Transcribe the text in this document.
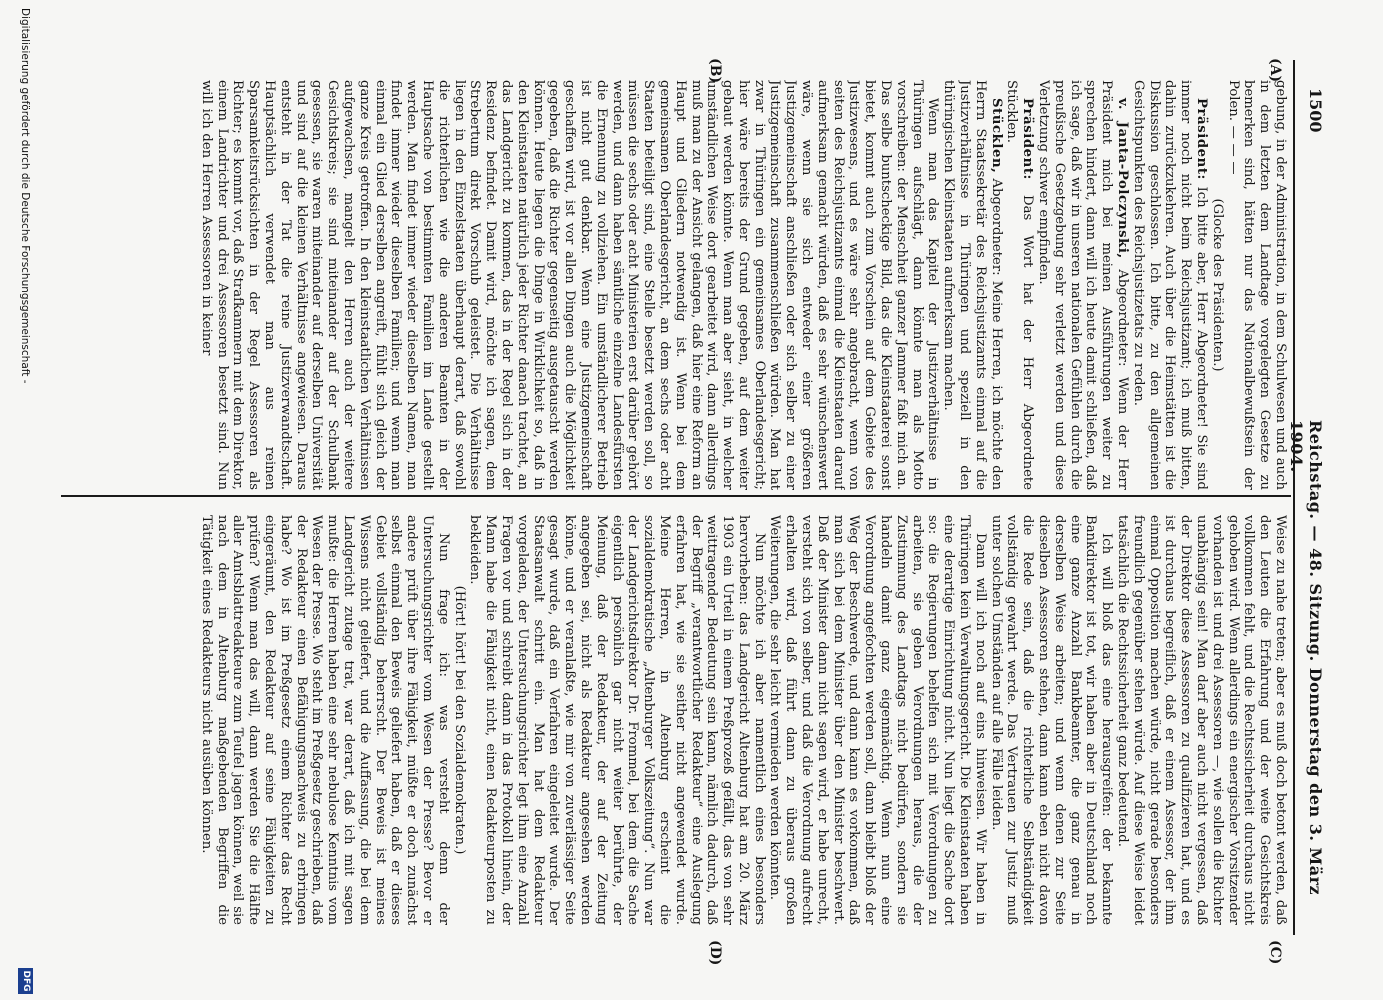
1500
Reichstag. — 48. Sitzung. Donnerstag den 3. März 1904.
(A)
(B)
(C)
(D)

gebung, in der Administration, in dem Schulwesen und auch in dem letzten dem Landtage vorgelegten Gesetze zu bemerken sind, hätten nur das Nationalbewußtsein der Polen. — — —

(Glocke des Präsidenten.)

Präsident: Ich bitte aber, Herr Abgeordneter! Sie sind immer noch nicht beim Reichsjustizamt; ich muß bitten, dahin zurückzukehren. Auch über die Heimstätten ist die Diskussion geschlossen. Ich bitte, zu den allgemeinen Gesichtspunkten des Reichsjustizetats zu reden.

v. Janta-Polczynski, Abgeordneter: Wenn der Herr Präsident mich bei meinen Ausführungen weiter zu sprechen hindert, dann will ich heute damit schließen, daß ich sage, daß wir in unseren nationalen Gefühlen durch die preußische Gesetzgebung sehr verletzt werden und diese Verletzung schwer empfinden.

Präsident: Das Wort hat der Herr Abgeordnete Stücklen.

Stücklen, Abgeordneter: Meine Herren, ich möchte den Herrn Staatssekretär des Reichsjustizamts einmal auf die Justizverhältnisse in Thüringen und speziell in den thüringischen Kleinstaaten aufmerksam machen.

Wenn man das Kapitel der Justizverhältnisse in Thüringen aufschlägt, dann könnte man als Motto vorschreiben: der Menschheit ganzer Jammer faßt mich an. Das selbe buntscheckige Bild, das die Kleinstaaterei sonst bietet, kommt auch zum Vorschein auf dem Gebiete des Justizwesens, und es wäre sehr angebracht, wenn von seiten des Reichsjustizamts einmal die Kleinstaaten darauf aufmerksam gemacht würden, daß es sehr wünschenswert wäre, wenn sie sich entweder einer größeren Justizgemeinschaft anschließen oder sich selber zu einer Justizgemeinschaft zusammenschließen würden. Man hat zwar in Thüringen ein gemeinsames Oberlandesgericht; hier wäre bereits der Grund gegeben, auf dem weiter gebaut werden könnte. Wenn man aber sieht, in welcher umständlichen Weise dort gearbeitet wird, dann allerdings muß man zu der Ansicht gelangen, daß hier eine Reform an Haupt und Gliedern notwendig ist. Wenn bei dem gemeinsamen Oberlandesgericht, an dem sechs oder acht Staaten beteiligt sind, eine Stelle besetzt werden soll, so müssen die sechs oder acht Ministerien erst darüber gehört werden, und dann haben sämtliche einzelne Landesfürsten die Ernennung zu vollziehen. Ein umständlicherer Betrieb ist nicht gut denkbar. Wenn eine Justizgemeinschaft geschaffen wird, ist vor allen Dingen auch die Möglichkeit gegeben, daß die Richter gegenseitig ausgetauscht werden können. Heute liegen die Dinge in Wirklichkeit so, daß in den Kleinstaaten natürlich jeder Richter danach trachtet, an das Landgericht zu kommen, das in der Regel sich in der Residenz befindet. Damit wird, möchte ich sagen, dem Strebertum direkt Vorschub geleistet. Die Verhältnisse liegen in den Einzelstaaten überhaupt derart, daß sowohl die richterlichen wie die anderen Beamten in der Hauptsache von bestimmten Familien im Lande gestellt werden. Man findet immer wieder dieselben Namen, man findet immer wieder dieselben Familien; und wenn man einmal ein Glied derselben angreift, fühlt sich gleich der ganze Kreis getroffen. In den kleinstaatlichen Verhältnissen aufgewachsen, mangelt den Herren auch der weitere Gesichtskreis; sie sind miteinander auf der Schulbank gesessen, sie waren miteinander auf derselben Universität und sind auf die kleinen Verhältnisse angewiesen. Daraus entsteht in der Tat die reine Justizverwandtschaft. Hauptsächlich verwendet man aus reinen Sparsamkeitsrücksichten in der Regel Assessoren als Richter; es kommt vor, daß Strafkammern mit dem Direktor, einem Landrichter und drei Assessoren besetzt sind. Nun will ich den Herren Assessoren in keiner

Weise zu nahe treten; aber es muß doch betont werden, daß den Leuten die Erfahrung und der weite Gesichtskreis vollkommen fehlt, und die Rechtssicherheit durchaus nicht gehoben wird. Wenn allerdings ein energischer Vorsitzender vorhanden ist und drei Assessoren —, wie sollen die Richter unabhängig sein! Man darf aber auch nicht vergessen, daß der Direktor diese Assessoren zu qualifizieren hat, und es ist durchaus begreiflich, daß er einem Assessor, der ihm einmal Opposition machen würde, nicht gerade besonders freundlich gegenüber stehen würde. Auf diese Weise leidet tatsächlich die Rechtssicherheit ganz bedeutend.

Ich will bloß das eine herausgreifen: der bekannte Bankdirektor ist tot, wir haben aber in Deutschland noch eine ganze Anzahl Bankbeamter, die ganz genau in derselben Weise arbeiten; und wenn denen zur Seite dieselben Assessoren stehen, dann kann eben nicht davon die Rede sein, daß die richterliche Selbständigkeit vollständig gewahrt werde. Das Vertrauen zur Justiz muß unter solchen Umständen auf alle Fälle leiden.

Dann will ich noch auf eins hinweisen. Wir haben in Thüringen kein Verwaltungsgericht. Die Kleinstaaten haben eine derartige Einrichtung nicht. Nun liegt die Sache dort so: die Regierungen behelfen sich mit Verordnungen zu arbeiten, sie geben Verordnungen heraus, die der Zustimmung des Landtags nicht bedürfen, sondern sie handeln damit ganz eigenmächtig. Wenn nun eine Verordnung angefochten werden soll, dann bleibt bloß der Weg der Beschwerde, und dann kann es vorkommen, daß man sich bei dem Minister über den Minister beschwert. Daß der Minister dann nicht sagen wird, er habe unrecht, versteht sich von selber, und daß die Verordnung aufrecht erhalten wird, daß führt dann zu überaus großen Weiterungen, die sehr leicht vermieden werden könnten.

Nun möchte ich aber namentlich eines besonders hervorheben: das Landgericht Altenburg hat am 20. März 1903 ein Urteil in einem Preßprozeß gefällt, das von sehr weittragender Bedeutung sein kann, nämlich dadurch, daß der Begriff „verantwortlicher Redakteur“ eine Auslegung erfahren hat, wie sie seither nicht angewendet wurde. Meine Herren, in Altenburg erscheint die sozialdemokratische „Altenburger Volkszeitung“. Nun war der Landgerichtsdirektor Dr. Frommel, bei dem die Sache eigentlich persönlich gar nicht weiter berührte, der Meinung, daß der Redakteur, der auf der Zeitung angegeben sei, nicht als Redakteur angesehen werden könne, und er veranlaßte, wie mir von zuverlässiger Seite gesagt wurde, daß ein Verfahren eingeleitet wurde. Der Staatsanwalt schritt ein. Man hat dem Redakteur vorgeladen, der Untersuchungsrichter legt ihm eine Anzahl Fragen vor und schreibt dann in das Protokoll hinein, der Mann habe die Fähigkeit nicht, einen Redakteurposten zu bekleiden.

(Hört! hört! bei den Sozialdemokraten.)

Nun frage ich: was versteht denn der Untersuchungsrichter vom Wesen der Presse? Bevor er andere prüft über ihre Fähigkeit, müßte er doch zunächst selbst einmal den Beweis geliefert haben, daß er dieses Gebiet vollständig beherrscht. Der Beweis ist meines Wissens nicht geliefert, und die Auffassung, die bei dem Landgericht zutage trat, war derart, daß ich mit sagen mußte: die Herren haben eine sehr nebulose Kenntnis vom Wesen der Presse. Wo steht im Preßgesetz geschrieben, daß der Redakteur einen Befähigungsnachweis zu erbringen habe? Wo ist im Preßgesetz einem Richter das Recht eingeräumt, den Redakteur auf seine Fähigkeiten zu prüfen? Wenn man das will, dann werden Sie die Hälfte aller Amtsblattredakteure zum Teufel jagen können, weil sie nach dem in Altenburg maßgebenden Begriffen die Tätigkeit eines Redakteurs nicht ausüben können.

Digitalisierung gefördert durch die Deutsche Forschungsgemeinschaft -
DFG
